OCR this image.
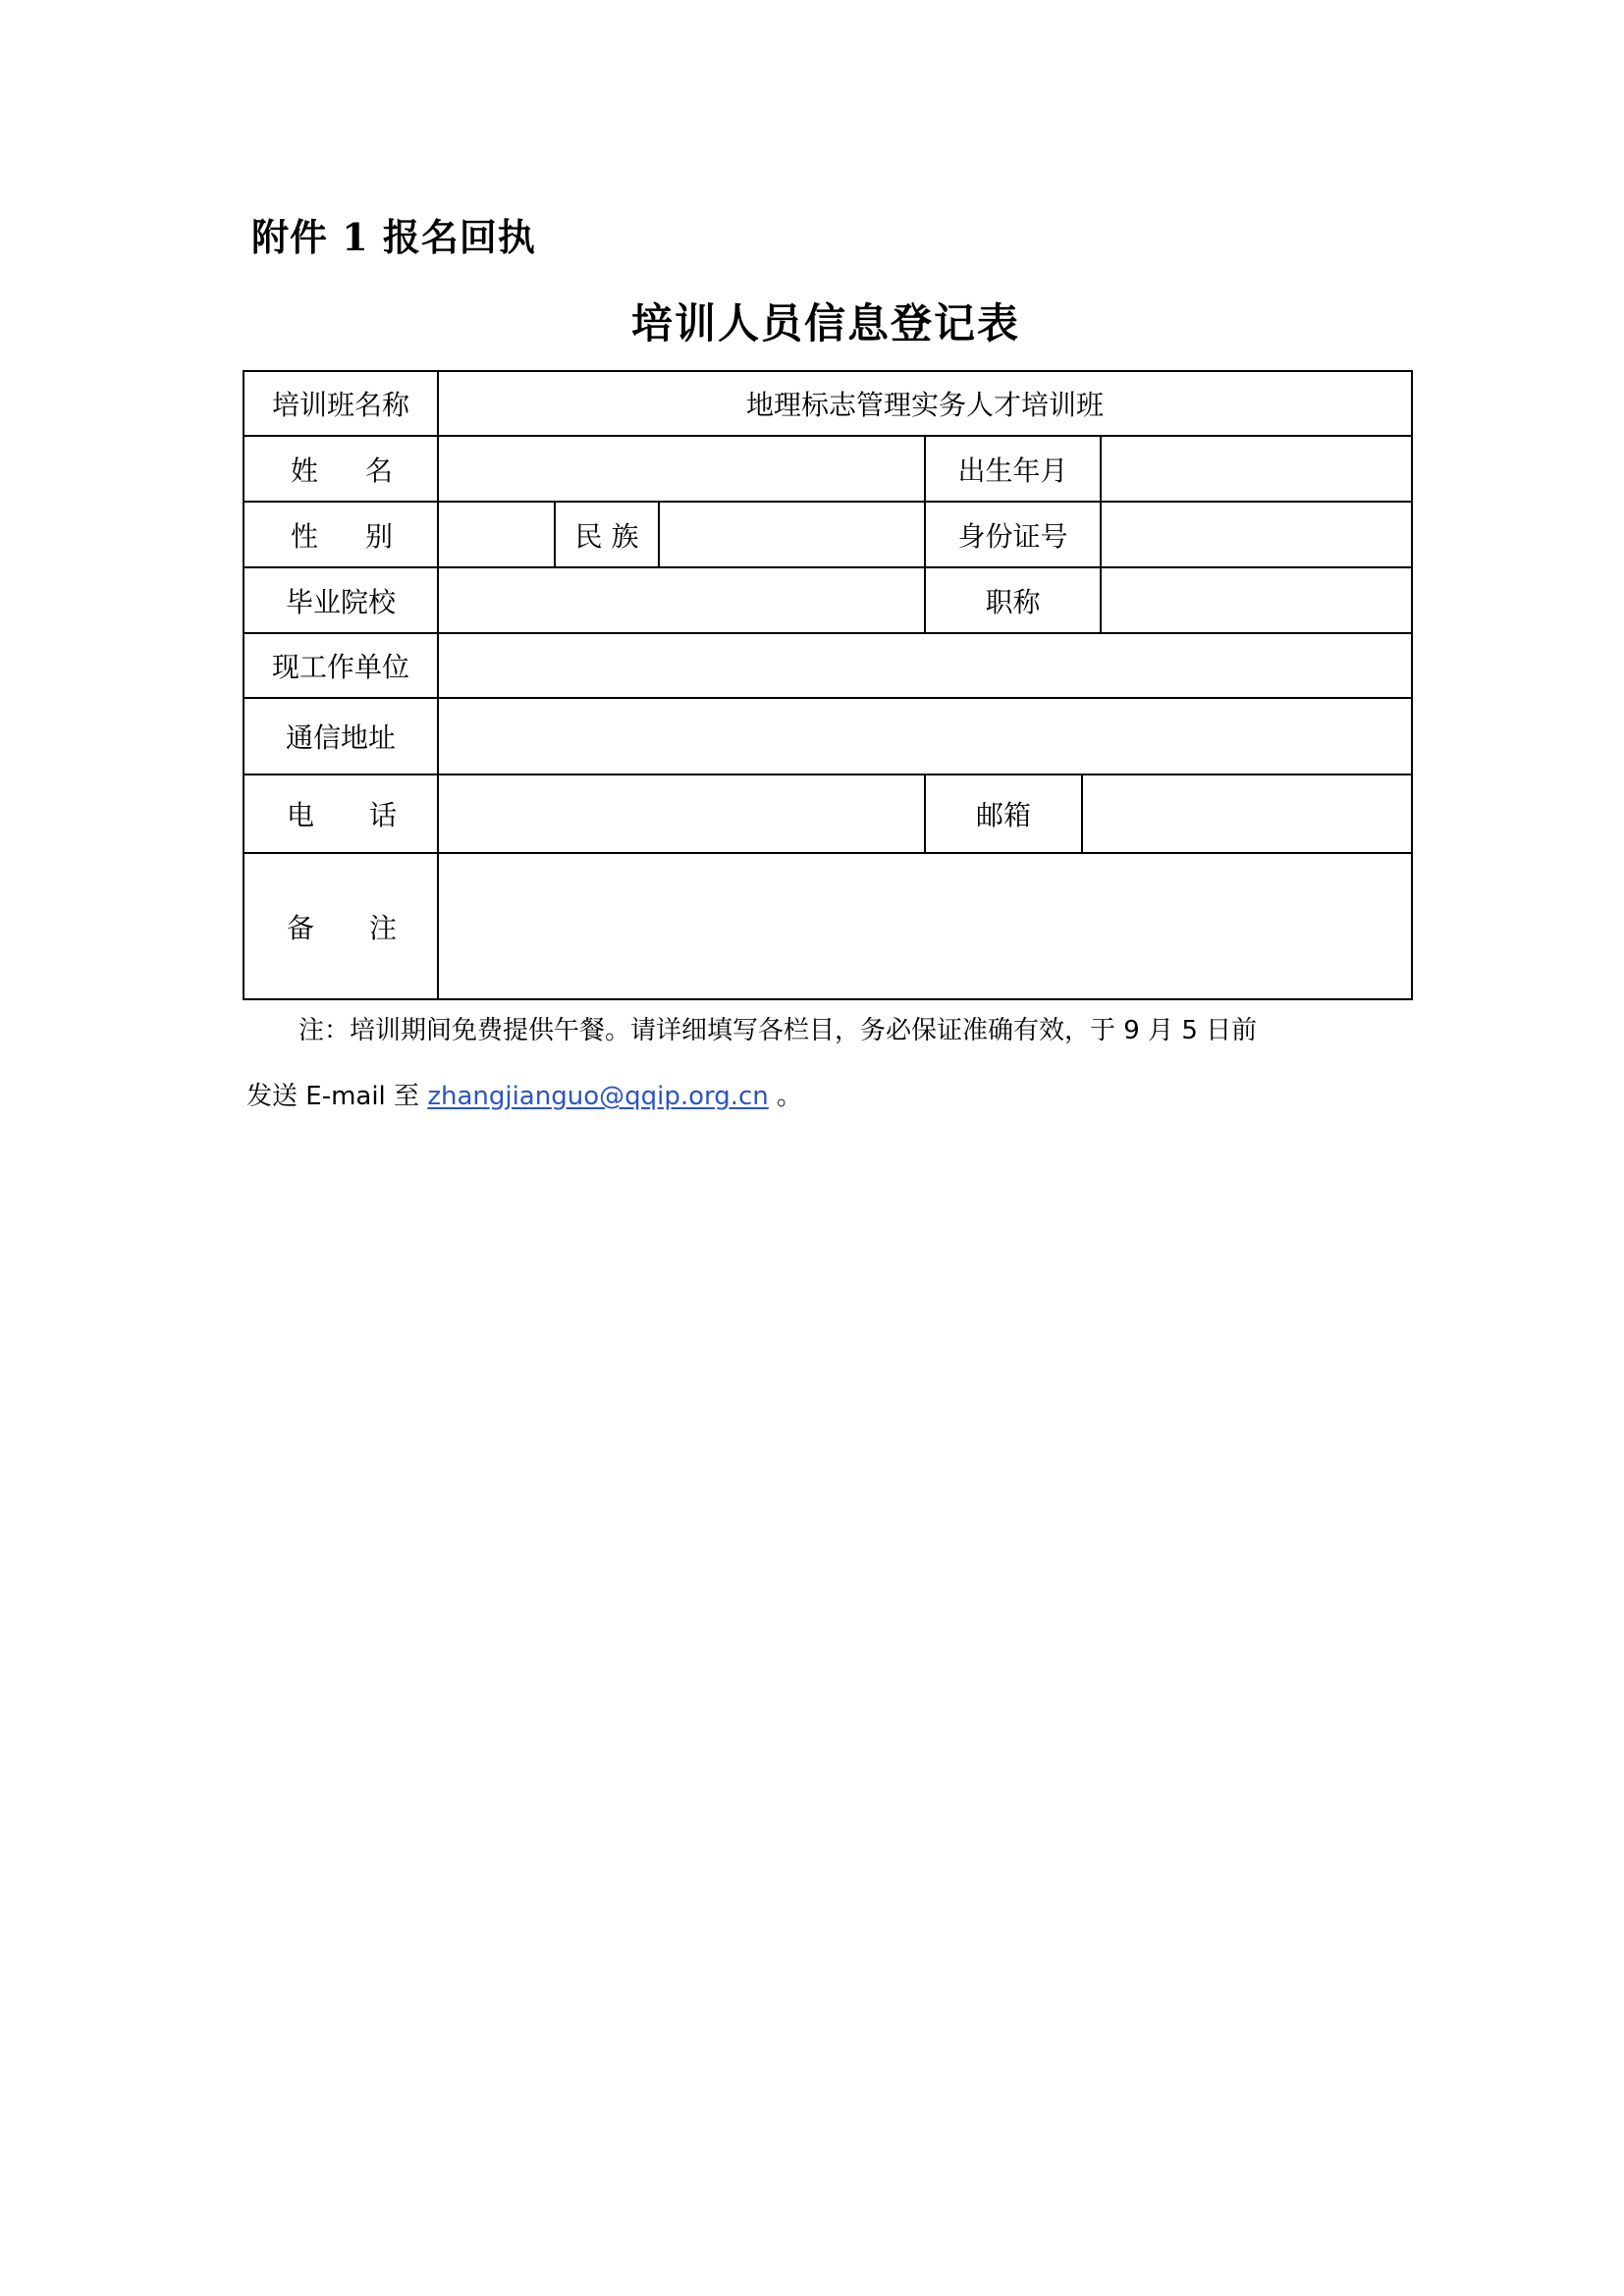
附件 1 报名回执
培训人员信息登记表
培训班名称	地理标志管理实务人才培训班
姓 名	出生年月
性 别	民 族	身份证号
毕业院校	职称
现工作单位
通信地址
电 话	邮箱
备 注
注：培训期间免费提供午餐。请详细填写各栏目，务必保证准确有效，于 9 月 5 日前
发送 E-mail 至 zhangjianguo@qqip.org.cn 。
